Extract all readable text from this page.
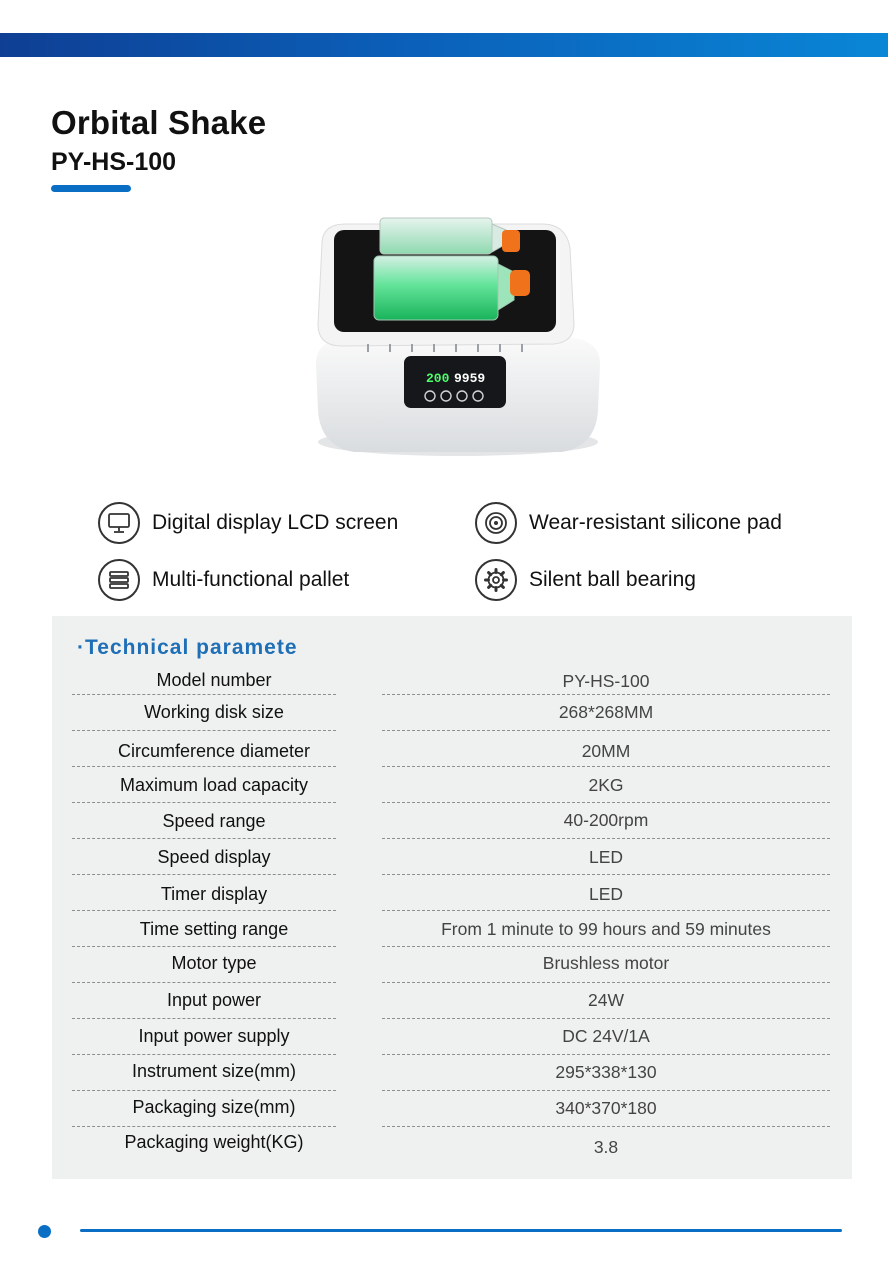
Orbital Shake
PY-HS-100
200 9959
Digital display LCD screen	Wear-resistant silicone pad
Multi-functional pallet	Silent ball bearing
·Technical paramete
Model number	PY-HS-100
Working disk size	268*268MM
Circumference diameter	20MM
Maximum load capacity	2KG
Speed range	40-200rpm
Speed display	LED
Timer display	LED
Time setting range	From 1 minute to 99 hours and 59 minutes
Motor type	Brushless motor
Input power	24W
Input power supply	DC 24V/1A
Instrument size(mm)	295*338*130
Packaging size(mm)	340*370*180
Packaging weight(KG)	3.8
